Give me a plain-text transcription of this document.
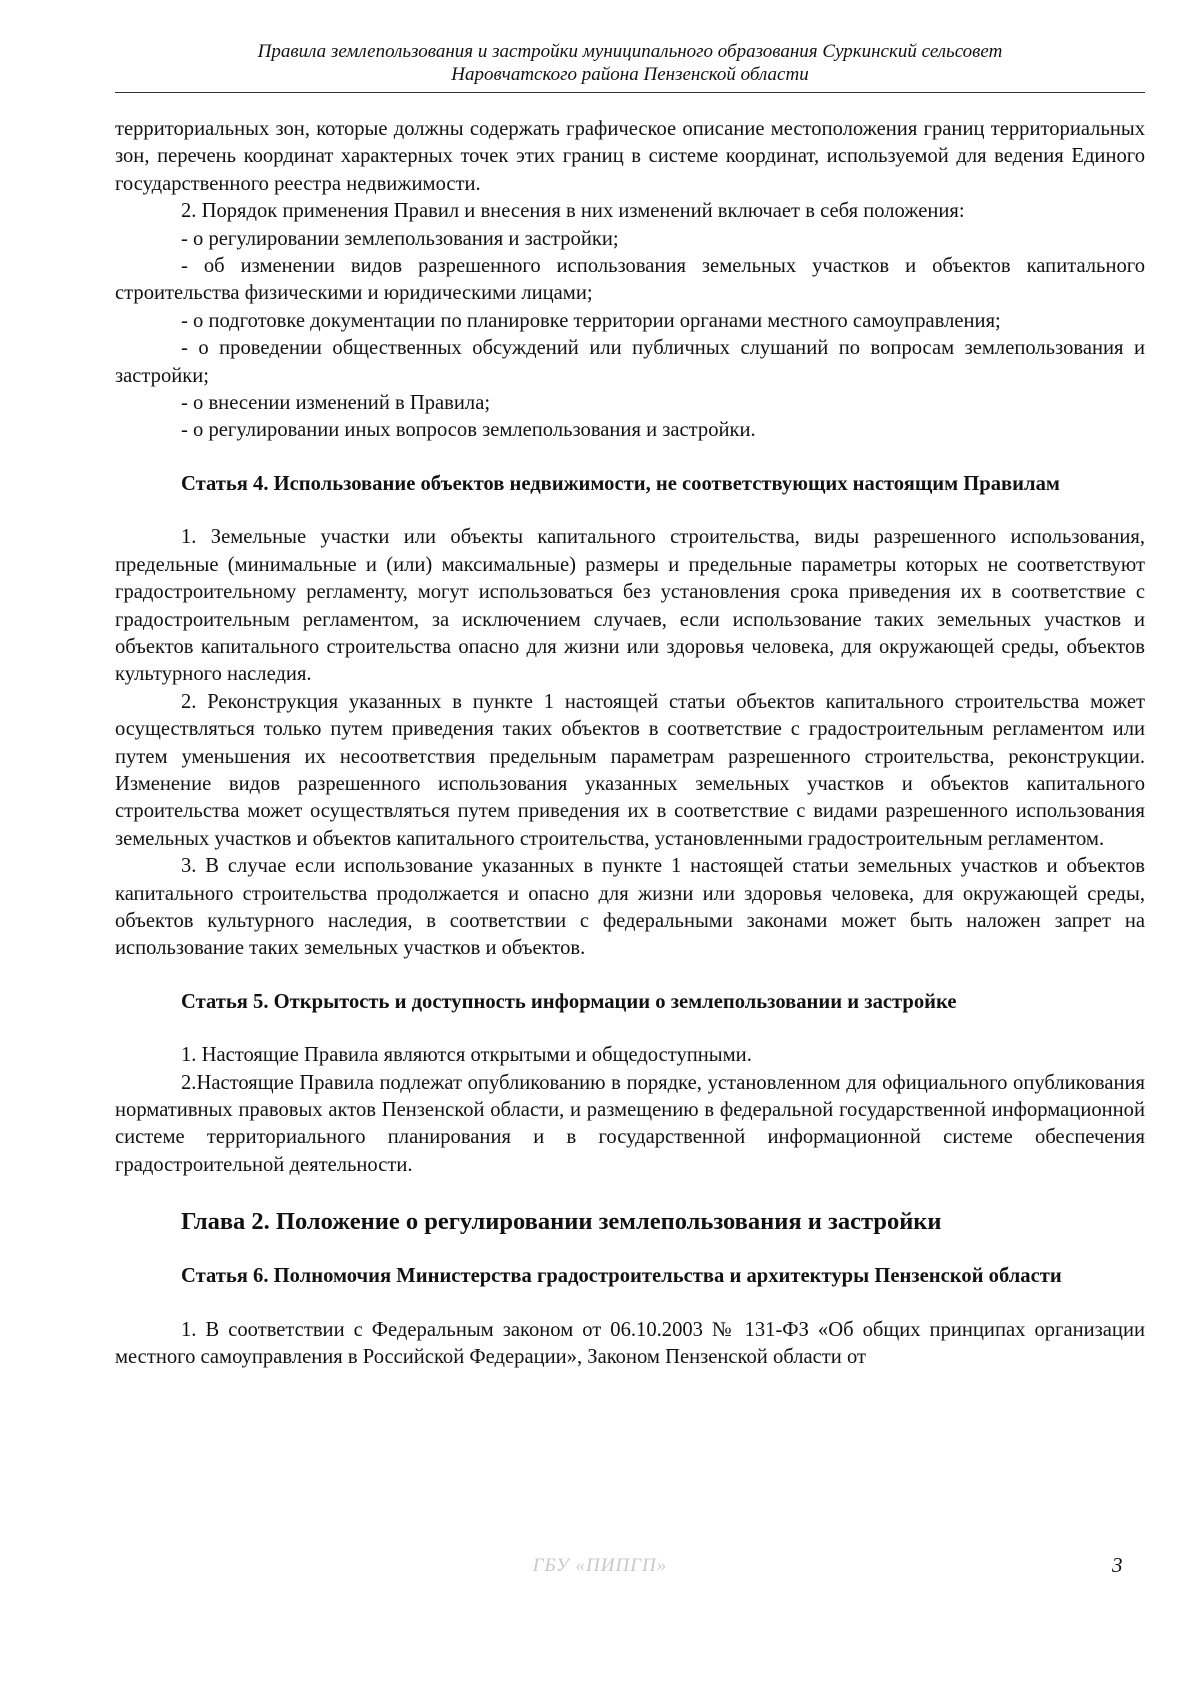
Правила землепользования и застройки муниципального образования Суркинский сельсовет
Наровчатского района Пензенской области

территориальных зон, которые должны содержать графическое описание местоположения границ территориальных зон, перечень координат характерных точек этих границ в системе координат, используемой для ведения Единого государственного реестра недвижимости.

2. Порядок применения Правил и внесения в них изменений включает в себя положения:

- о регулировании землепользования и застройки;

- об изменении видов разрешенного использования земельных участков и объектов капитального строительства физическими и юридическими лицами;

- о подготовке документации по планировке территории органами местного самоуправления;

- о проведении общественных обсуждений или публичных слушаний по вопросам землепользования и застройки;

- о внесении изменений в Правила;

- о регулировании иных вопросов землепользования и застройки.

Статья 4. Использование объектов недвижимости, не соответствующих настоящим Правилам

1. Земельные участки или объекты капитального строительства, виды разрешенного использования, предельные (минимальные и (или) максимальные) размеры и предельные параметры которых не соответствуют градостроительному регламенту, могут использоваться без установления срока приведения их в соответствие с градостроительным регламентом, за исключением случаев, если использование таких земельных участков и объектов капитального строительства опасно для жизни или здоровья человека, для окружающей среды, объектов культурного наследия.

2. Реконструкция указанных в пункте 1 настоящей статьи объектов капитального строительства может осуществляться только путем приведения таких объектов в соответствие с градостроительным регламентом или путем уменьшения их несоответствия предельным параметрам разрешенного строительства, реконструкции. Изменение видов разрешенного использования указанных земельных участков и объектов капитального строительства может осуществляться путем приведения их в соответствие с видами разрешенного использования земельных участков и объектов капитального строительства, установленными градостроительным регламентом.

3. В случае если использование указанных в пункте 1 настоящей статьи земельных участков и объектов капитального строительства продолжается и опасно для жизни или здоровья человека, для окружающей среды, объектов культурного наследия, в соответствии с федеральными законами может быть наложен запрет на использование таких земельных участков и объектов.

Статья 5. Открытость и доступность информации о землепользовании и застройке

1. Настоящие Правила являются открытыми и общедоступными.

2.Настоящие Правила подлежат опубликованию в порядке, установленном для официального опубликования нормативных правовых актов Пензенской области, и размещению в федеральной государственной информационной системе территориального планирования и в государственной информационной системе обеспечения градостроительной деятельности.

Глава 2. Положение о регулировании землепользования и застройки
Статья 6. Полномочия Министерства градостроительства и архитектуры Пензенской области

1. В соответствии с Федеральным законом от 06.10.2003 № 131-ФЗ «Об общих принципах организации местного самоуправления в Российской Федерации», Законом Пензенской области от

ГБУ «ПИПГП»	3
